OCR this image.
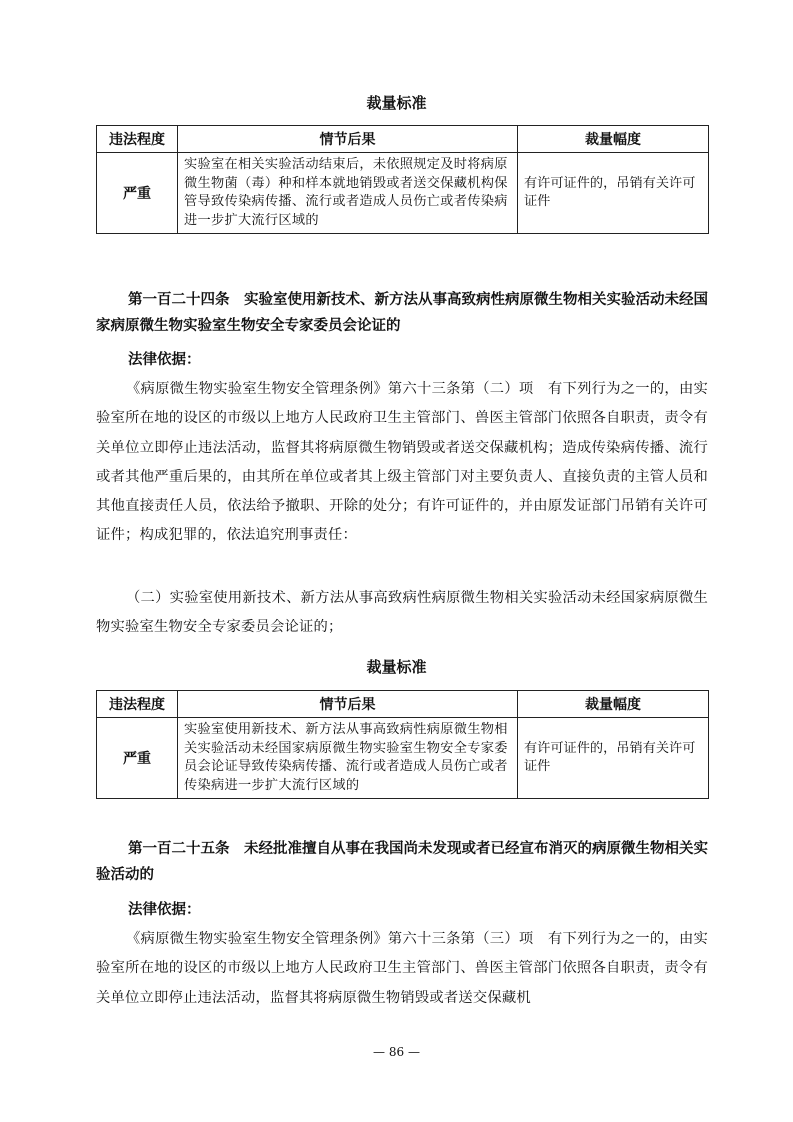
裁量标准
违法程度	情节后果	裁量幅度
严重	实验室在相关实验活动结束后，未依照规定及时将病原微生物菌（毒）种和样本就地销毁或者送交保藏机构保管导致传染病传播、流行或者造成人员伤亡或者传染病进一步扩大流行区域的	有许可证件的，吊销有关许可证件

第一百二十四条　实验室使用新技术、新方法从事高致病性病原微生物相关实验活动未经国家病原微生物实验室生物安全专家委员会论证的

法律依据：

《病原微生物实验室生物安全管理条例》第六十三条第（二）项　有下列行为之一的，由实验室所在地的设区的市级以上地方人民政府卫生主管部门、兽医主管部门依照各自职责，责令有关单位立即停止违法活动，监督其将病原微生物销毁或者送交保藏机构；造成传染病传播、流行或者其他严重后果的，由其所在单位或者其上级主管部门对主要负责人、直接负责的主管人员和其他直接责任人员，依法给予撤职、开除的处分；有许可证件的，并由原发证部门吊销有关许可证件；构成犯罪的，依法追究刑事责任：

（二）实验室使用新技术、新方法从事高致病性病原微生物相关实验活动未经国家病原微生物实验室生物安全专家委员会论证的；

裁量标准
违法程度	情节后果	裁量幅度
严重	实验室使用新技术、新方法从事高致病性病原微生物相关实验活动未经国家病原微生物实验室生物安全专家委员会论证导致传染病传播、流行或者造成人员伤亡或者传染病进一步扩大流行区域的	有许可证件的，吊销有关许可证件

第一百二十五条　未经批准擅自从事在我国尚未发现或者已经宣布消灭的病原微生物相关实验活动的

法律依据：

《病原微生物实验室生物安全管理条例》第六十三条第（三）项　有下列行为之一的，由实验室所在地的设区的市级以上地方人民政府卫生主管部门、兽医主管部门依照各自职责，责令有关单位立即停止违法活动，监督其将病原微生物销毁或者送交保藏机

— 86 —
